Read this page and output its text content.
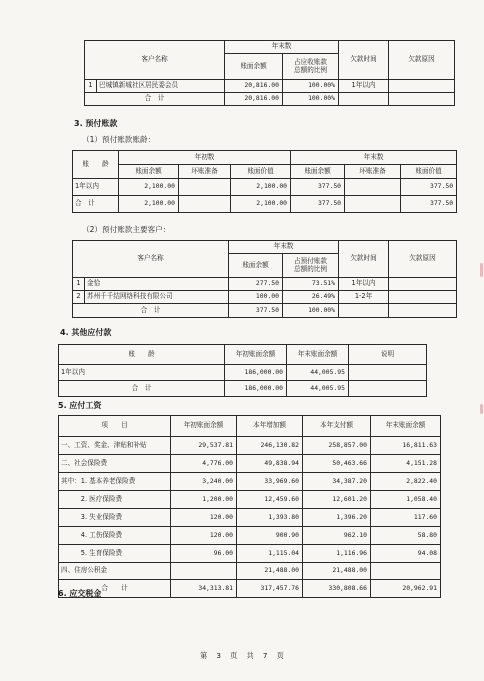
客户名称		年末数		欠款时间	欠款原因
		账面余额	占应收账款
总额的比例		
1	巴城镇新城社区居民委会员	20,816.00	100.00%	1年以内	
合　计		20,816.00	100.00%		
3. 预付账款
（1）预付账款账龄：
账　　龄	年初数			年末数		
	账面余额	坏账准备	账面价值	账面余额	坏账准备	账面价值
1年以内	2,100.00		2,100.00	377.50		377.50
合　计	2,100.00		2,100.00	377.50		377.50
（2）预付账款主要客户：
客户名称		年末数		欠款时间	欠款原因
		账面余额	占预付账款
总额的比例		
1	金恰	277.50	73.51%	1年以内	
2	苏州千千结网络科技有限公司	100.00	26.49%	1-2年	
合　计		377.50	100.00%		
4. 其他应付款
账　　龄	年初账面余额	年末账面余额	说明
1年以内	186,000.00	44,005.95	
合　计	186,000.00	44,005.95	
5. 应付工资
项　　目	年初账面余额	本年增加额	本年支付额	年末账面余额
一、工资、奖金、津贴和补贴	29,537.81	246,130.82	258,857.00	16,811.63
二、社会保险费	4,776.00	49,838.94	50,463.66	4,151.28
其中：1. 基本养老保险费	3,240.00	33,969.60	34,387.20	2,822.40
　　　2. 医疗保险费	1,200.00	12,459.60	12,601.20	1,058.40
　　　3. 失业保险费	120.00	1,393.80	1,396.20	117.60
　　　4. 工伤保险费	120.00	900.90	962.10	58.80
　　　5. 生育保险费	96.00	1,115.04	1,116.96	94.08
四、住房公积金		21,488.00	21,488.00	
合　　计	34,313.81	317,457.76	330,808.66	20,962.91
6. 应交税金
第　3　页　共　7　页
